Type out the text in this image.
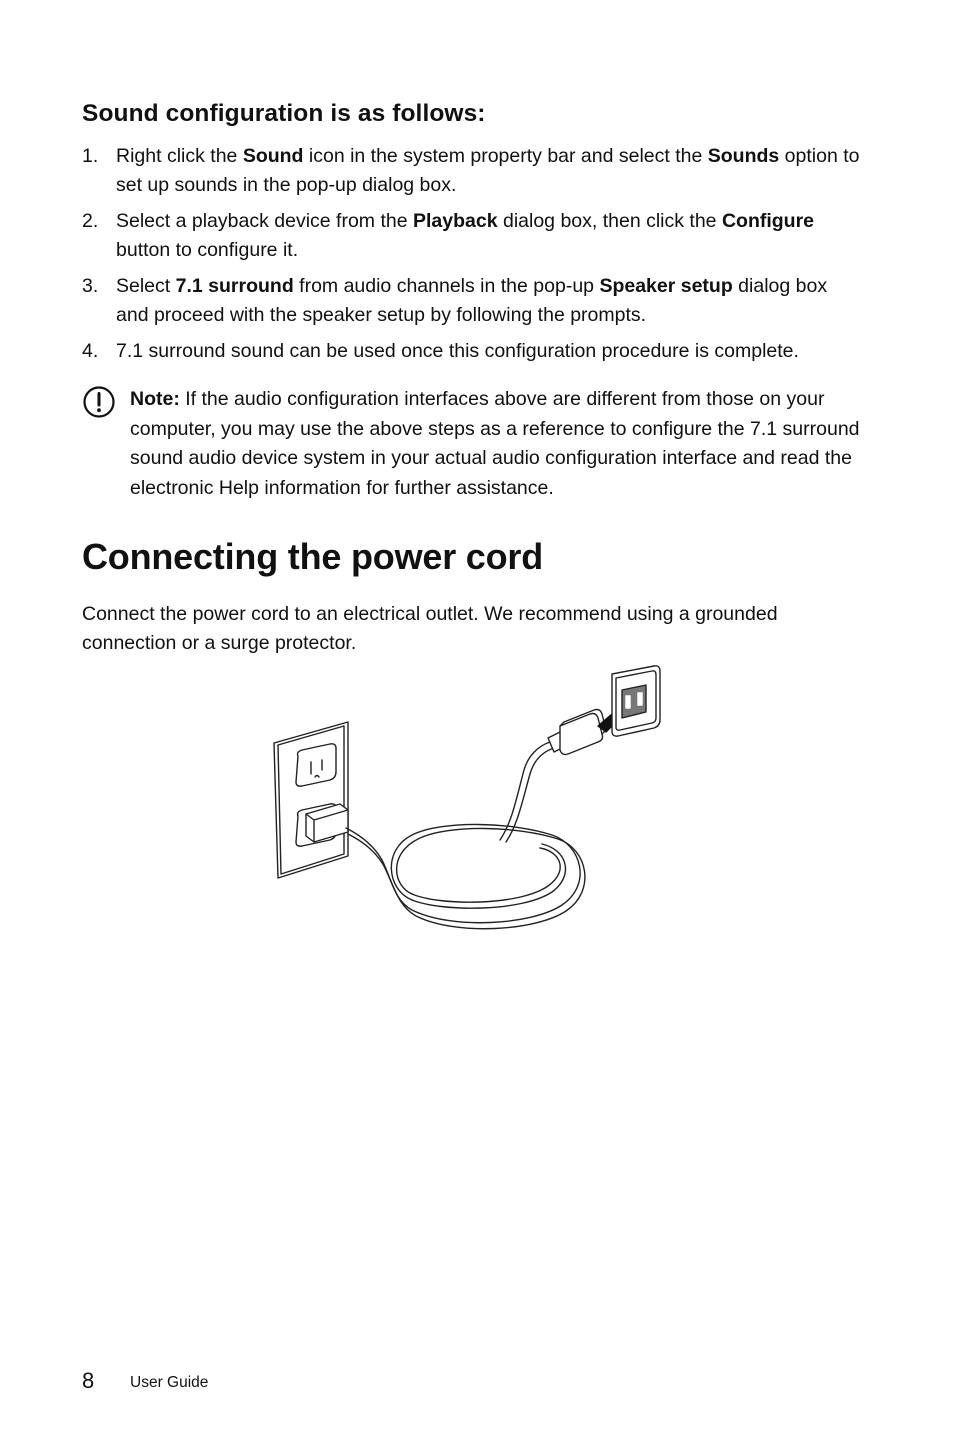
Sound configuration is as follows:
1. Right click the Sound icon in the system property bar and select the Sounds option to set up sounds in the pop-up dialog box.
2. Select a playback device from the Playback dialog box, then click the Configure button to configure it.
3. Select 7.1 surround from audio channels in the pop-up Speaker setup dialog box and proceed with the speaker setup by following the prompts.
4. 7.1 surround sound can be used once this configuration procedure is complete.

Note: If the audio configuration interfaces above are different from those on your computer, you may use the above steps as a reference to configure the 7.1 surround sound audio device system in your actual audio configuration interface and read the electronic Help information for further assistance.

Connecting the power cord

Connect the power cord to an electrical outlet. We recommend using a grounded connection or a surge protector.

8 User Guide
